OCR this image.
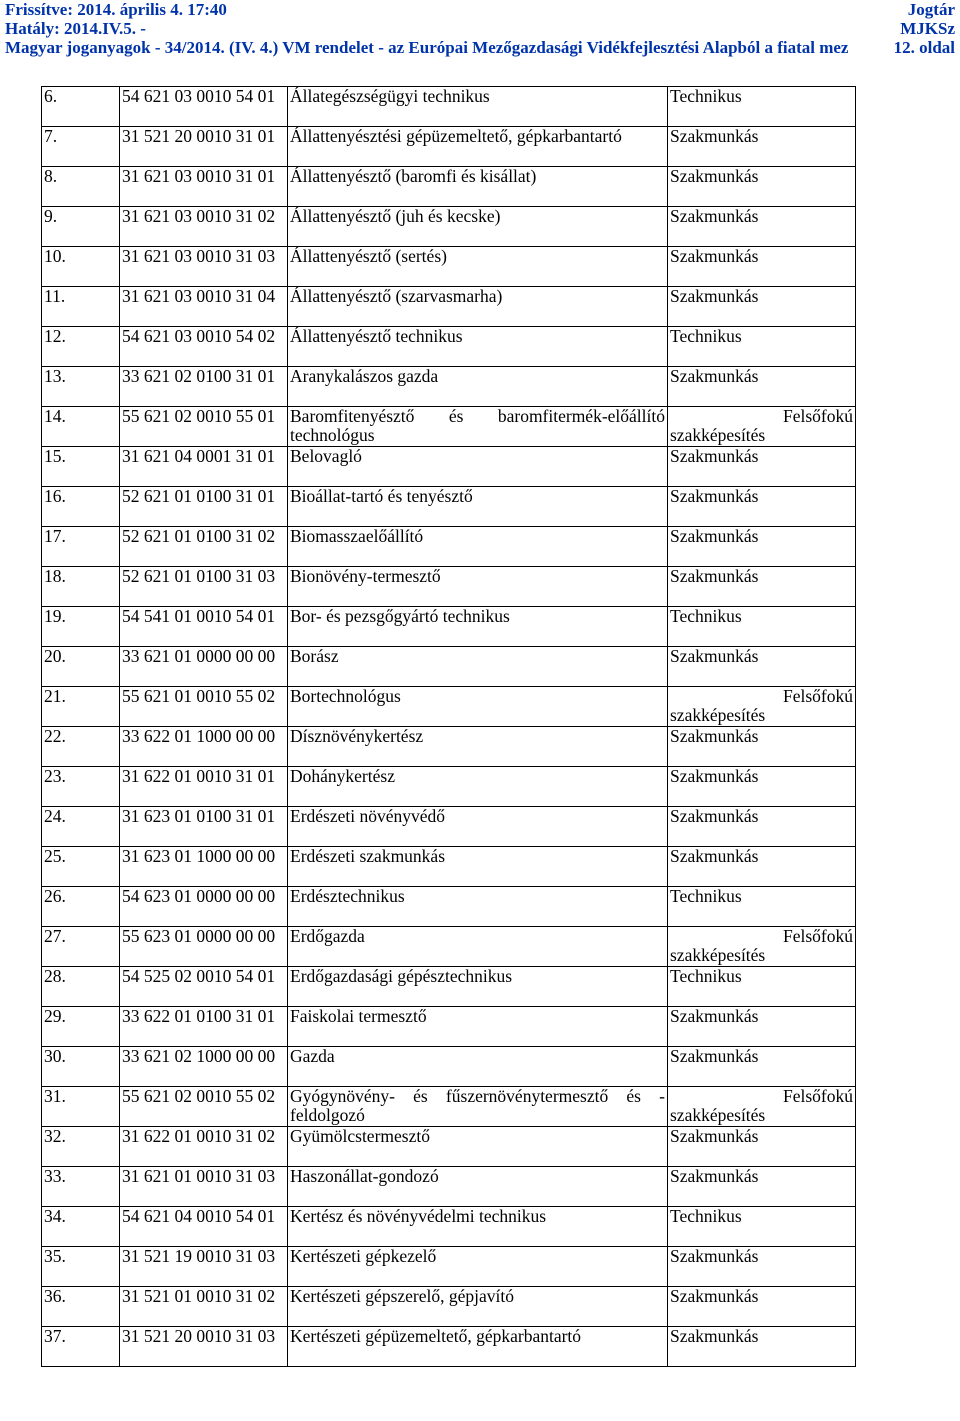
Frissítve: 2014. április 4. 17:40
Hatály: 2014.IV.5. -
Magyar joganyagok - 34/2014. (IV. 4.) VM rendelet - az Európai Mezőgazdasági Vidékfejlesztési Alapból a fiatal mez
Jogtár
MJKSz
12. oldal
6.	54 621 03 0010 54 01	Állategészségügyi technikus	Technikus
7.	31 521 20 0010 31 01	Állattenyésztési gépüzemeltető, gépkarbantartó	Szakmunkás
8.	31 621 03 0010 31 01	Állattenyésztő (baromfi és kisállat)	Szakmunkás
9.	31 621 03 0010 31 02	Állattenyésztő (juh és kecske)	Szakmunkás
10.	31 621 03 0010 31 03	Állattenyésztő (sertés)	Szakmunkás
11.	31 621 03 0010 31 04	Állattenyésztő (szarvasmarha)	Szakmunkás
12.	54 621 03 0010 54 02	Állattenyésztő technikus	Technikus
13.	33 621 02 0100 31 01	Aranykalászos gazda	Szakmunkás
14.	55 621 02 0010 55 01	Baromfitenyésztő és baromfitermék-előállító technológus	Felsőfokú
szakképesítés
15.	31 621 04 0001 31 01	Belovagló	Szakmunkás
16.	52 621 01 0100 31 01	Bioállat-tartó és tenyésztő	Szakmunkás
17.	52 621 01 0100 31 02	Biomasszaelőállító	Szakmunkás
18.	52 621 01 0100 31 03	Bionövény-termesztő	Szakmunkás
19.	54 541 01 0010 54 01	Bor- és pezsgőgyártó technikus	Technikus
20.	33 621 01 0000 00 00	Borász	Szakmunkás
21.	55 621 01 0010 55 02	Bortechnológus	Felsőfokú
szakképesítés
22.	33 622 01 1000 00 00	Dísznövénykertész	Szakmunkás
23.	31 622 01 0010 31 01	Dohánykertész	Szakmunkás
24.	31 623 01 0100 31 01	Erdészeti növényvédő	Szakmunkás
25.	31 623 01 1000 00 00	Erdészeti szakmunkás	Szakmunkás
26.	54 623 01 0000 00 00	Erdésztechnikus	Technikus
27.	55 623 01 0000 00 00	Erdőgazda	Felsőfokú
szakképesítés
28.	54 525 02 0010 54 01	Erdőgazdasági gépésztechnikus	Technikus
29.	33 622 01 0100 31 01	Faiskolai termesztő	Szakmunkás
30.	33 621 02 1000 00 00	Gazda	Szakmunkás
31.	55 621 02 0010 55 02	Gyógynövény- és fűszernövénytermesztő és -feldolgozó	Felsőfokú
szakképesítés
32.	31 622 01 0010 31 02	Gyümölcstermesztő	Szakmunkás
33.	31 621 01 0010 31 03	Haszonállat-gondozó	Szakmunkás
34.	54 621 04 0010 54 01	Kertész és növényvédelmi technikus	Technikus
35.	31 521 19 0010 31 03	Kertészeti gépkezelő	Szakmunkás
36.	31 521 01 0010 31 02	Kertészeti gépszerelő, gépjavító	Szakmunkás
37.	31 521 20 0010 31 03	Kertészeti gépüzemeltető, gépkarbantartó	Szakmunkás
